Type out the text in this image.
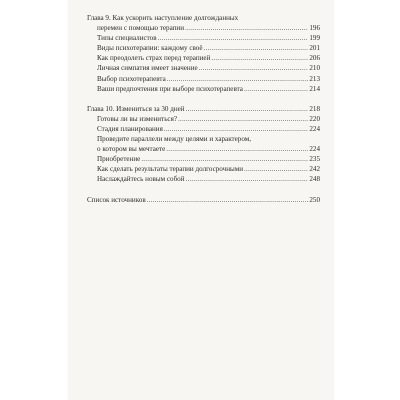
Глава 9. Как ускорить наступление долгожданных
перемен с помощью терапии .....	196
Типы специалистов .....	199
Виды психотерапии: каждому своё .....	201
Как преодолеть страх перед терапией .....	206
Личная симпатия имеет значение .....	210
Выбор психотерапевта .....	213
Ваши предпочтения при выборе психотерапевта .....	214
Глава 10. Измениться за 30 дней .....	218
Готовы ли вы измениться? .....	220
Стадия планирования .....	224
Проведите параллели между целями и характером,
о котором вы мечтаете .....	224
Приобретение .....	235
Как сделать результаты терапии долгосрочными .....	242
Наслаждайтесь новым собой .....	248
Список источников .....	250
